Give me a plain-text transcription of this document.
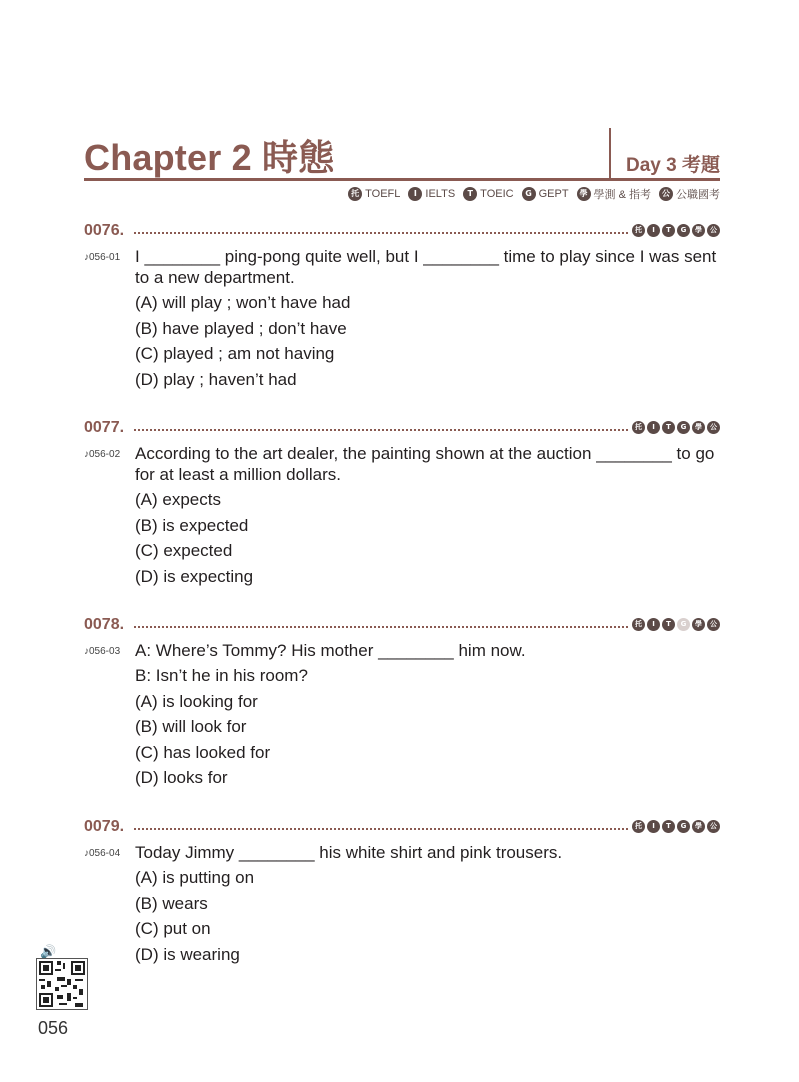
Chapter 2 時態	Day 3 考題
托 TOEFL	I IELTS	T TOEIC	G GEPT	學 學測 & 指考	公 公職國考
0076.	托	I	T	G	學	公
♪056-01 I ________ ping-pong quite well, but I ________ time to play since I was sent to a new department.

(A) will play ; won’t have had

(B) have played ; don’t have

(C) played ; am not having

(D) play ; haven’t had

0077.	托	I	T	G	學	公
♪056-02 According to the art dealer, the painting shown at the auction ________ to go for at least a million dollars.

(A) expects

(B) is expected

(C) expected

(D) is expecting

0078.	托	I	T	G	學	公
♪056-03 A: Where’s Tommy? His mother ________ him now.

B: Isn’t he in his room?

(A) is looking for

(B) will look for

(C) has looked for

(D) looks for

0079.	托	I	T	G	學	公
♪056-04 Today Jimmy ________ his white shirt and pink trousers.

(A) is putting on

(B) wears

(C) put on

(D) is wearing

🔊
056
